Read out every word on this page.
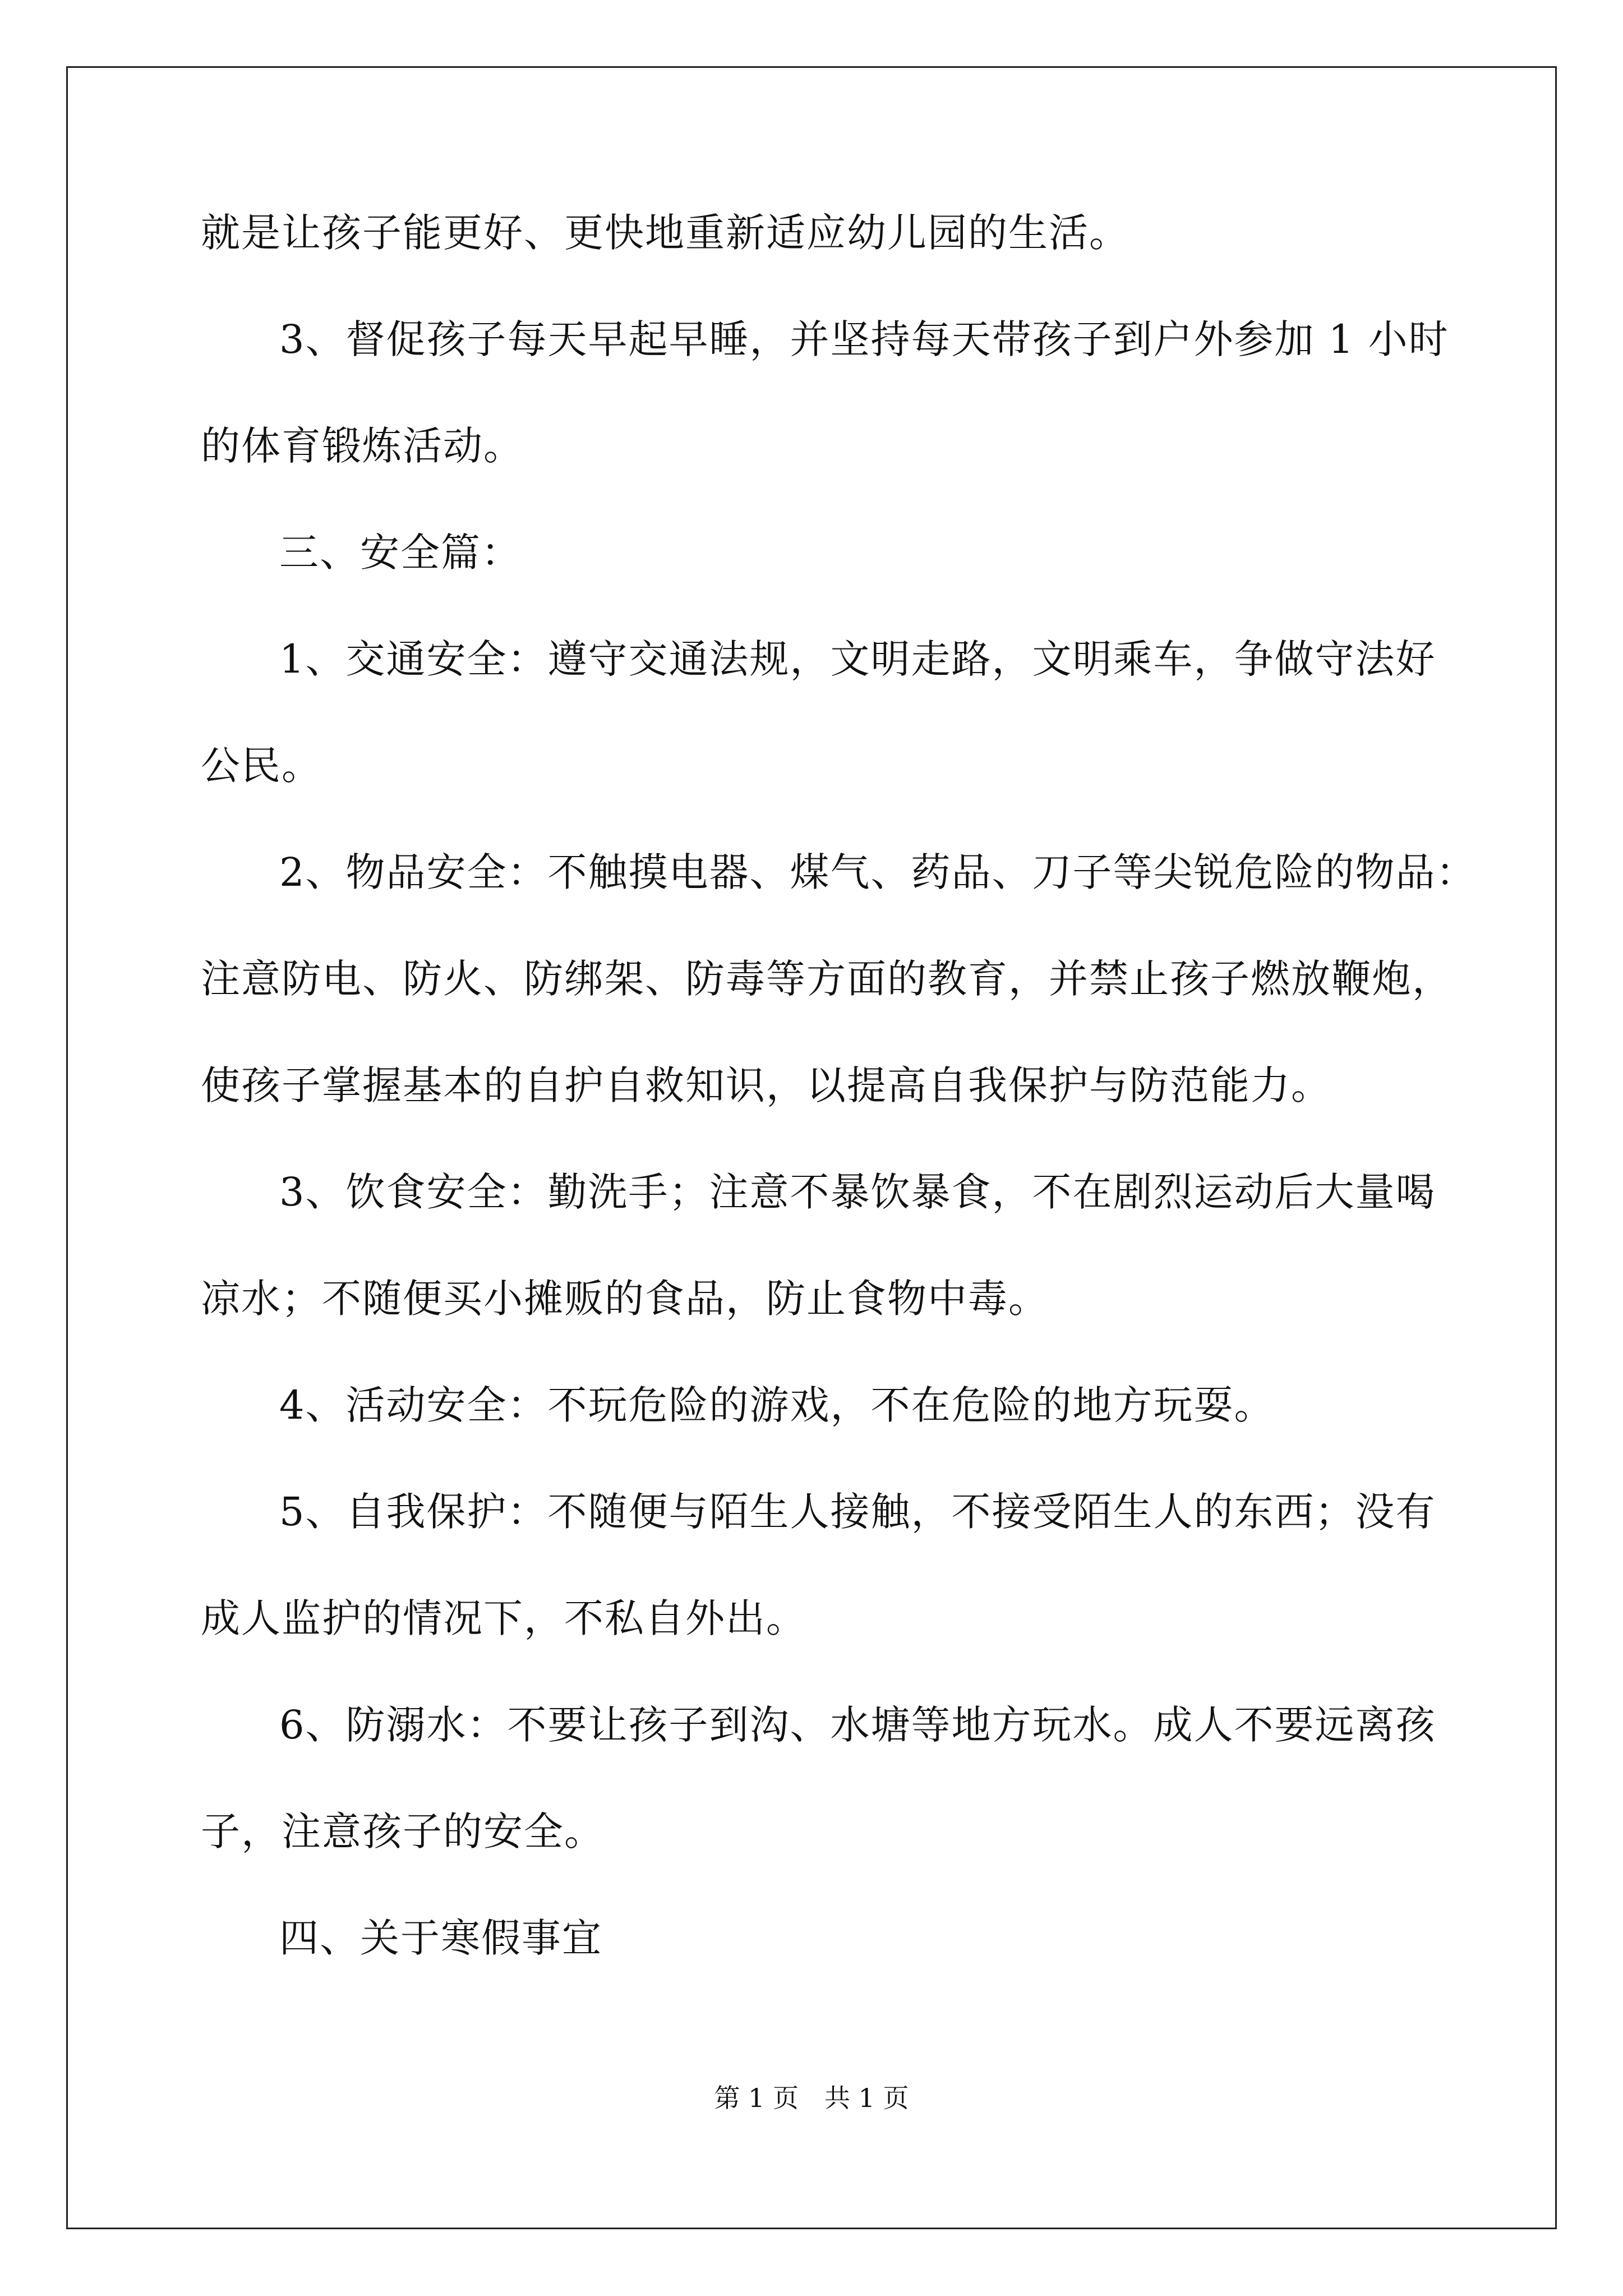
就是让孩子能更好、更快地重新适应幼儿园的生活。
3、督促孩子每天早起早睡，并坚持每天带孩子到户外参加 1 小时
的体育锻炼活动。
三、安全篇：
1、交通安全：遵守交通法规，文明走路，文明乘车，争做守法好
公民。
2、物品安全：不触摸电器、煤气、药品、刀子等尖锐危险的物品：
注意防电、防火、防绑架、防毒等方面的教育，并禁止孩子燃放鞭炮，
使孩子掌握基本的自护自救知识，以提高自我保护与防范能力。
3、饮食安全：勤洗手；注意不暴饮暴食，不在剧烈运动后大量喝
凉水；不随便买小摊贩的食品，防止食物中毒。
4、活动安全：不玩危险的游戏，不在危险的地方玩耍。
5、自我保护：不随便与陌生人接触，不接受陌生人的东西；没有
成人监护的情况下，不私自外出。
6、防溺水：不要让孩子到沟、水塘等地方玩水。成人不要远离孩
子，注意孩子的安全。
四、关于寒假事宜
第 1 页　共 1 页
